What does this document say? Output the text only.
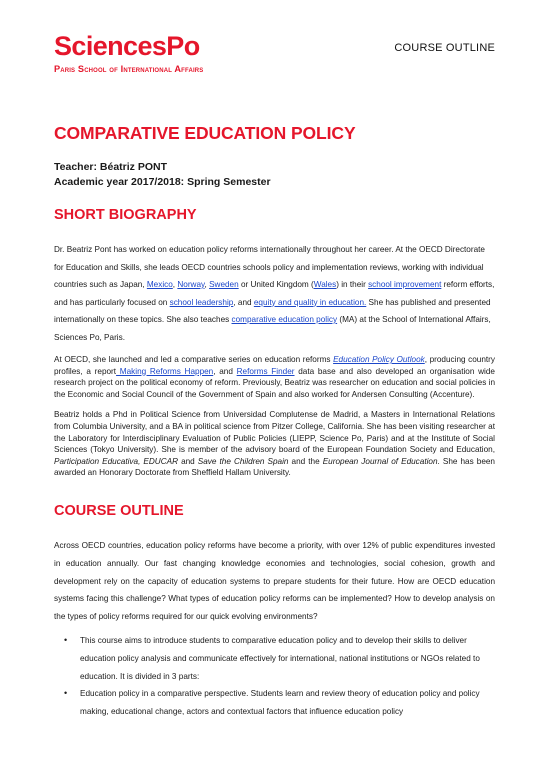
SciencesPo
Paris School of International Affairs
COURSE OUTLINE
COMPARATIVE EDUCATION POLICY
Teacher: Béatriz PONT
Academic year 2017/2018: Spring Semester
SHORT BIOGRAPHY

Dr. Beatriz Pont has worked on education policy reforms internationally throughout her career. At the OECD Directorate for Education and Skills, she leads OECD countries schools policy and implementation reviews, working with individual countries such as Japan, Mexico, Norway, Sweden or United Kingdom (Wales) in their school improvement reform efforts, and has particularly focused on school leadership, and equity and quality in education. She has published and presented internationally on these topics. She also teaches comparative education policy (MA) at the School of International Affairs, Sciences Po, Paris.

At OECD, she launched and led a comparative series on education reforms Education Policy Outlook, producing country profiles, a report Making Reforms Happen, and Reforms Finder data base and also developed an organisation wide research project on the political economy of reform. Previously, Beatriz was researcher on education and social policies in the Economic and Social Council of the Government of Spain and also worked for Andersen Consulting (Accenture).

Beatriz holds a Phd in Political Science from Universidad Complutense de Madrid, a Masters in International Relations from Columbia University, and a BA in political science from Pitzer College, California. She has been visiting researcher at the Laboratory for Interdisciplinary Evaluation of Public Policies (LIEPP, Science Po, Paris) and at the Institute of Social Sciences (Tokyo University). She is member of the advisory board of the European Foundation Society and Education, Participation Educativa, EDUCAR and Save the Children Spain and the European Journal of Education. She has been awarded an Honorary Doctorate from Sheffield Hallam University.

COURSE OUTLINE

Across OECD countries, education policy reforms have become a priority, with over 12% of public expenditures invested in education annually. Our fast changing knowledge economies and technologies, social cohesion, growth and development rely on the capacity of education systems to prepare students for their future. How are OECD education systems facing this challenge? What types of education policy reforms can be implemented? How to develop analysis on the types of policy reforms required for our quick evolving environments?

• This course aims to introduce students to comparative education policy and to develop their skills to deliver education policy analysis and communicate effectively for international, national institutions or NGOs related to education. It is divided in 3 parts:
• Education policy in a comparative perspective. Students learn and review theory of education policy and policy making, educational change, actors and contextual factors that influence education policy
